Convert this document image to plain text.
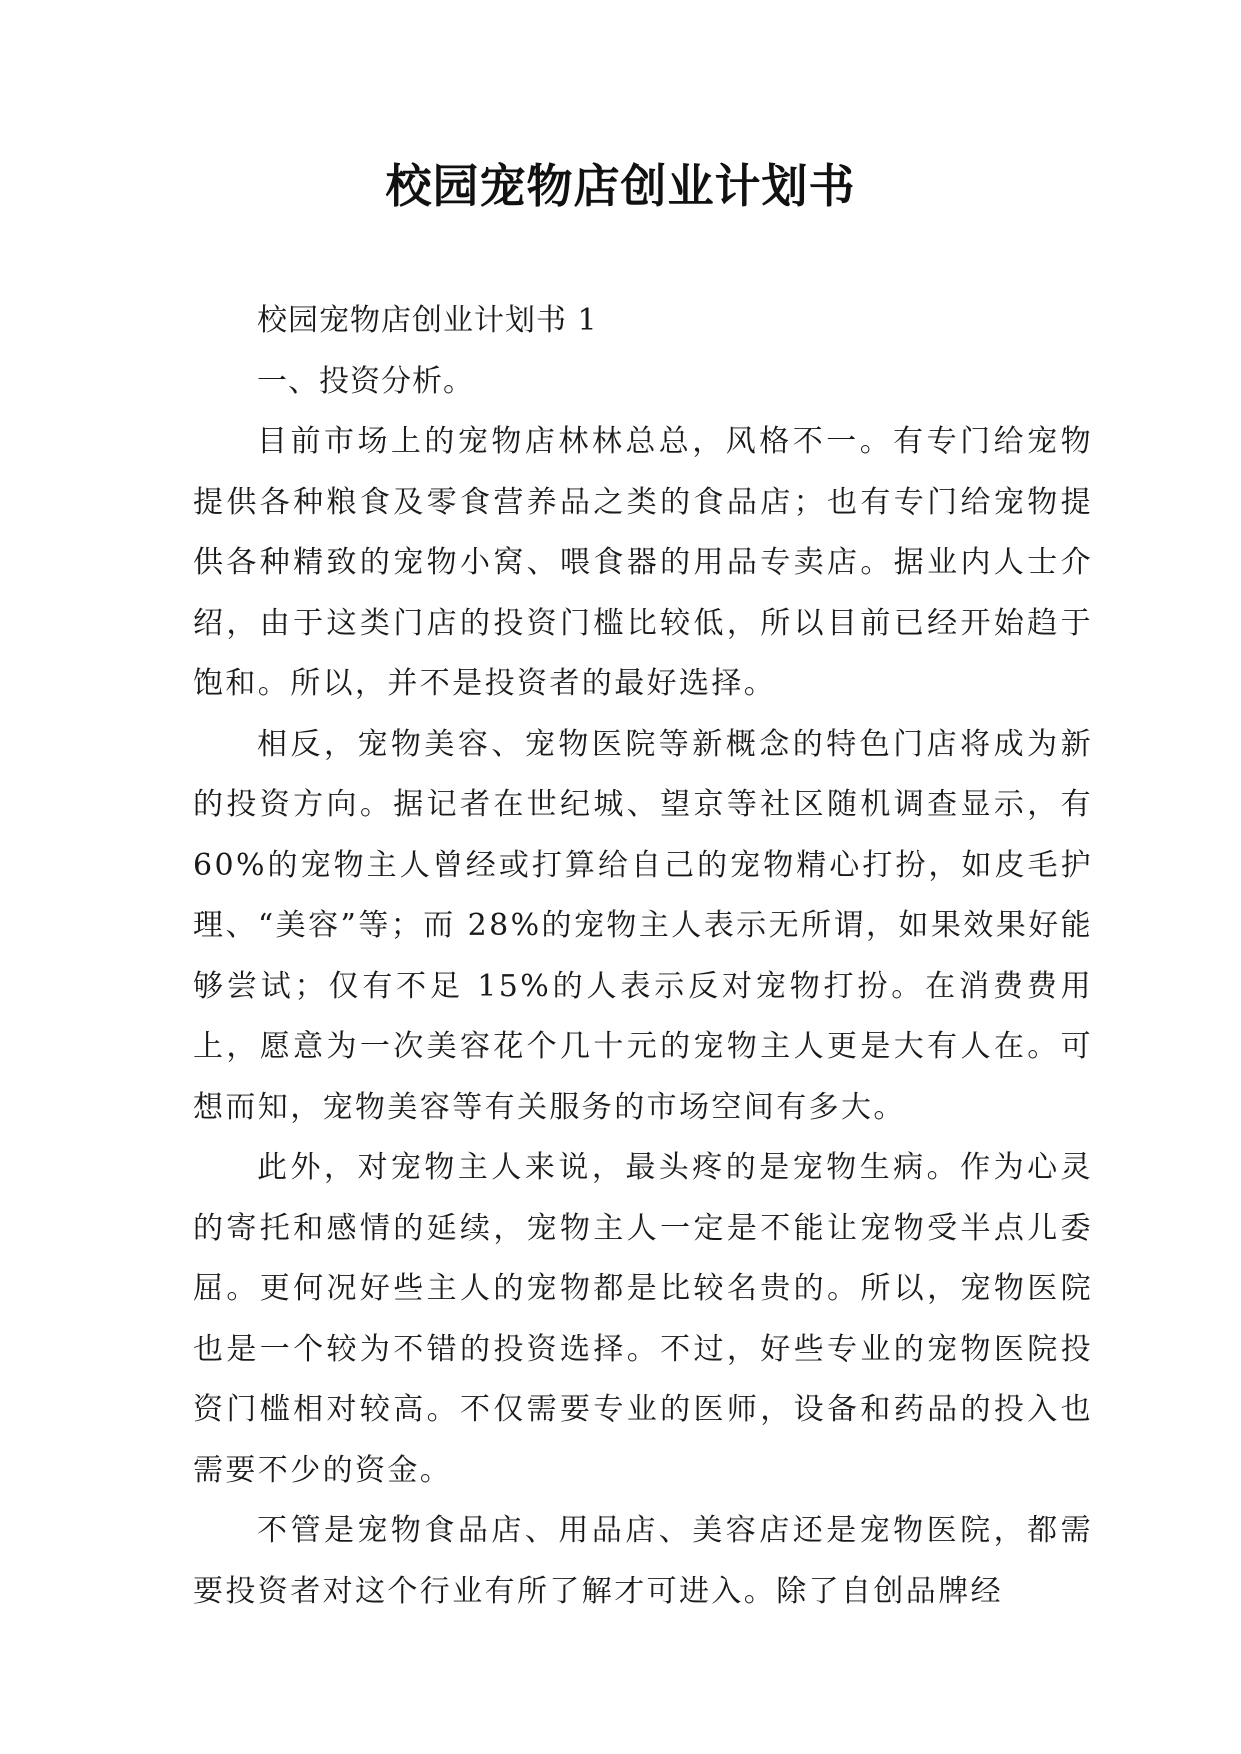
校园宠物店创业计划书

校园宠物店创业计划书 1

一、投资分析。

目前市场上的宠物店林林总总，风格不一。有专门给宠物提供各种粮食及零食营养品之类的食品店；也有专门给宠物提供各种精致的宠物小窝、喂食器的用品专卖店。据业内人士介绍，由于这类门店的投资门槛比较低，所以目前已经开始趋于饱和。所以，并不是投资者的最好选择。

相反，宠物美容、宠物医院等新概念的特色门店将成为新的投资方向。据记者在世纪城、望京等社区随机调查显示，有 60%的宠物主人曾经或打算给自己的宠物精心打扮，如皮毛护理、“美容”等；而 28%的宠物主人表示无所谓，如果效果好能够尝试；仅有不足 15%的人表示反对宠物打扮。在消费费用上，愿意为一次美容花个几十元的宠物主人更是大有人在。可想而知，宠物美容等有关服务的市场空间有多大。

此外，对宠物主人来说，最头疼的是宠物生病。作为心灵的寄托和感情的延续，宠物主人一定是不能让宠物受半点儿委屈。更何况好些主人的宠物都是比较名贵的。所以，宠物医院也是一个较为不错的投资选择。不过，好些专业的宠物医院投资门槛相对较高。不仅需要专业的医师，设备和药品的投入也需要不少的资金。

不管是宠物食品店、用品店、美容店还是宠物医院，都需要投资者对这个行业有所了解才可进入。除了自创品牌经
